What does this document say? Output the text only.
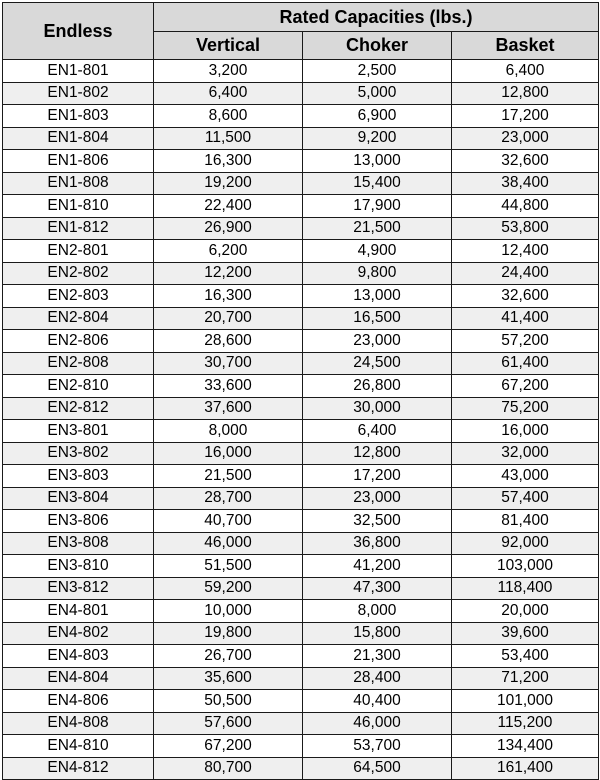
Endless	Rated Capacities (lbs.)		
	Vertical	Choker	Basket
EN1-801	3,200	2,500	6,400
EN1-802	6,400	5,000	12,800
EN1-803	8,600	6,900	17,200
EN1-804	11,500	9,200	23,000
EN1-806	16,300	13,000	32,600
EN1-808	19,200	15,400	38,400
EN1-810	22,400	17,900	44,800
EN1-812	26,900	21,500	53,800
EN2-801	6,200	4,900	12,400
EN2-802	12,200	9,800	24,400
EN2-803	16,300	13,000	32,600
EN2-804	20,700	16,500	41,400
EN2-806	28,600	23,000	57,200
EN2-808	30,700	24,500	61,400
EN2-810	33,600	26,800	67,200
EN2-812	37,600	30,000	75,200
EN3-801	8,000	6,400	16,000
EN3-802	16,000	12,800	32,000
EN3-803	21,500	17,200	43,000
EN3-804	28,700	23,000	57,400
EN3-806	40,700	32,500	81,400
EN3-808	46,000	36,800	92,000
EN3-810	51,500	41,200	103,000
EN3-812	59,200	47,300	118,400
EN4-801	10,000	8,000	20,000
EN4-802	19,800	15,800	39,600
EN4-803	26,700	21,300	53,400
EN4-804	35,600	28,400	71,200
EN4-806	50,500	40,400	101,000
EN4-808	57,600	46,000	115,200
EN4-810	67,200	53,700	134,400
EN4-812	80,700	64,500	161,400
